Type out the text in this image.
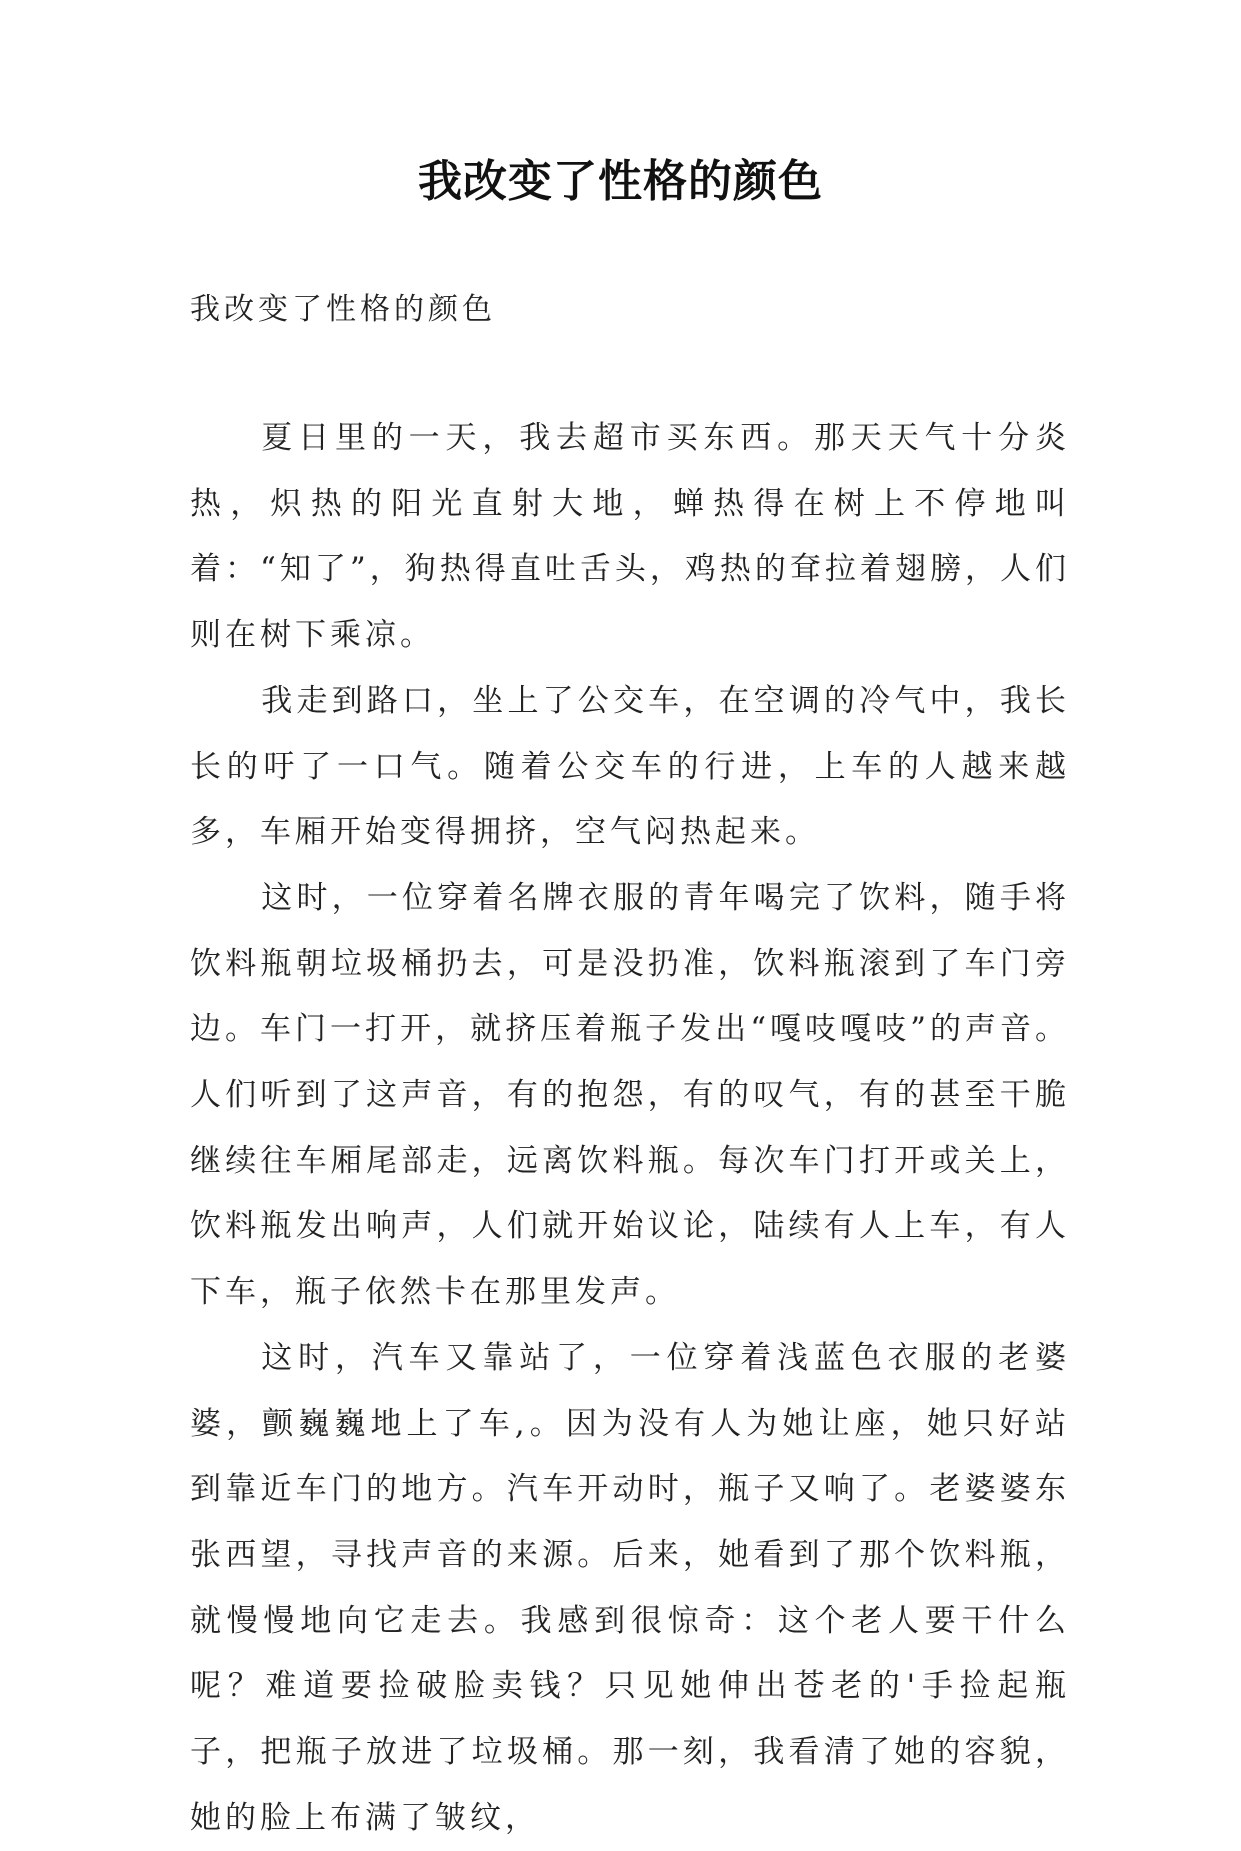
我改变了性格的颜色
我改变了性格的颜色

夏日里的一天，我去超市买东西。那天天气十分炎热，炽热的阳光直射大地，蝉热得在树上不停地叫着：“知了”，狗热得直吐舌头，鸡热的耷拉着翅膀，人们则在树下乘凉。

我走到路口，坐上了公交车，在空调的冷气中，我长长的吁了一口气。随着公交车的行进，上车的人越来越多，车厢开始变得拥挤，空气闷热起来。

这时，一位穿着名牌衣服的青年喝完了饮料，随手将饮料瓶朝垃圾桶扔去，可是没扔准，饮料瓶滚到了车门旁边。车门一打开，就挤压着瓶子发出“嘎吱嘎吱”的声音。人们听到了这声音，有的抱怨，有的叹气，有的甚至干脆继续往车厢尾部走，远离饮料瓶。每次车门打开或关上，饮料瓶发出响声，人们就开始议论，陆续有人上车，有人下车，瓶子依然卡在那里发声。

这时，汽车又靠站了，一位穿着浅蓝色衣服的老婆婆，颤巍巍地上了车,。因为没有人为她让座，她只好站到靠近车门的地方。汽车开动时，瓶子又响了。老婆婆东张西望，寻找声音的来源。后来，她看到了那个饮料瓶，就慢慢地向它走去。我感到很惊奇：这个老人要干什么呢？难道要捡破脸卖钱？只见她伸出苍老的'手捡起瓶子，把瓶子放进了垃圾桶。那一刻，我看清了她的容貌，她的脸上布满了皱纹，
